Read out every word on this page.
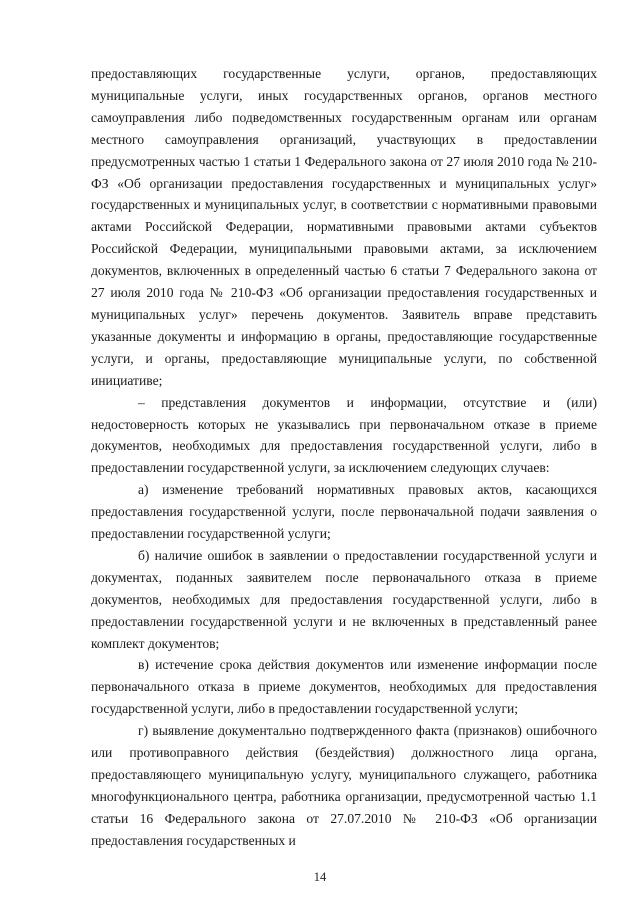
предоставляющих государственные услуги, органов, предоставляющих муниципальные услуги, иных государственных органов, органов местного самоуправления либо подведомственных государственным органам или органам местного самоуправления организаций, участвующих в предоставлении предусмотренных частью 1 статьи 1 Федерального закона от 27 июля 2010 года № 210-ФЗ «Об организации предоставления государственных и муниципальных услуг» государственных и муниципальных услуг, в соответствии с нормативными правовыми актами Российской Федерации, нормативными правовыми актами субъектов Российской Федерации, муниципальными правовыми актами, за исключением документов, включенных в определенный частью 6 статьи 7 Федерального закона от 27 июля 2010 года № 210-ФЗ «Об организации предоставления государственных и муниципальных услуг» перечень документов. Заявитель вправе представить указанные документы и информацию в органы, предоставляющие государственные услуги, и органы, предоставляющие муниципальные услуги, по собственной инициативе;

– представления документов и информации, отсутствие и (или) недостоверность которых не указывались при первоначальном отказе в приеме документов, необходимых для предоставления государственной услуги, либо в предоставлении государственной услуги, за исключением следующих случаев:

а) изменение требований нормативных правовых актов, касающихся предоставления государственной услуги, после первоначальной подачи заявления о предоставлении государственной услуги;

б) наличие ошибок в заявлении о предоставлении государственной услуги и документах, поданных заявителем после первоначального отказа в приеме документов, необходимых для предоставления государственной услуги, либо в предоставлении государственной услуги и не включенных в представленный ранее комплект документов;

в) истечение срока действия документов или изменение информации после первоначального отказа в приеме документов, необходимых для предоставления государственной услуги, либо в предоставлении государственной услуги;

г) выявление документально подтвержденного факта (признаков) ошибочного или противоправного действия (бездействия) должностного лица органа, предоставляющего муниципальную услугу, муниципального служащего, работника многофункционального центра, работника организации, предусмотренной частью 1.1 статьи 16 Федерального закона от 27.07.2010 № 210-ФЗ «Об организации предоставления государственных и

14
